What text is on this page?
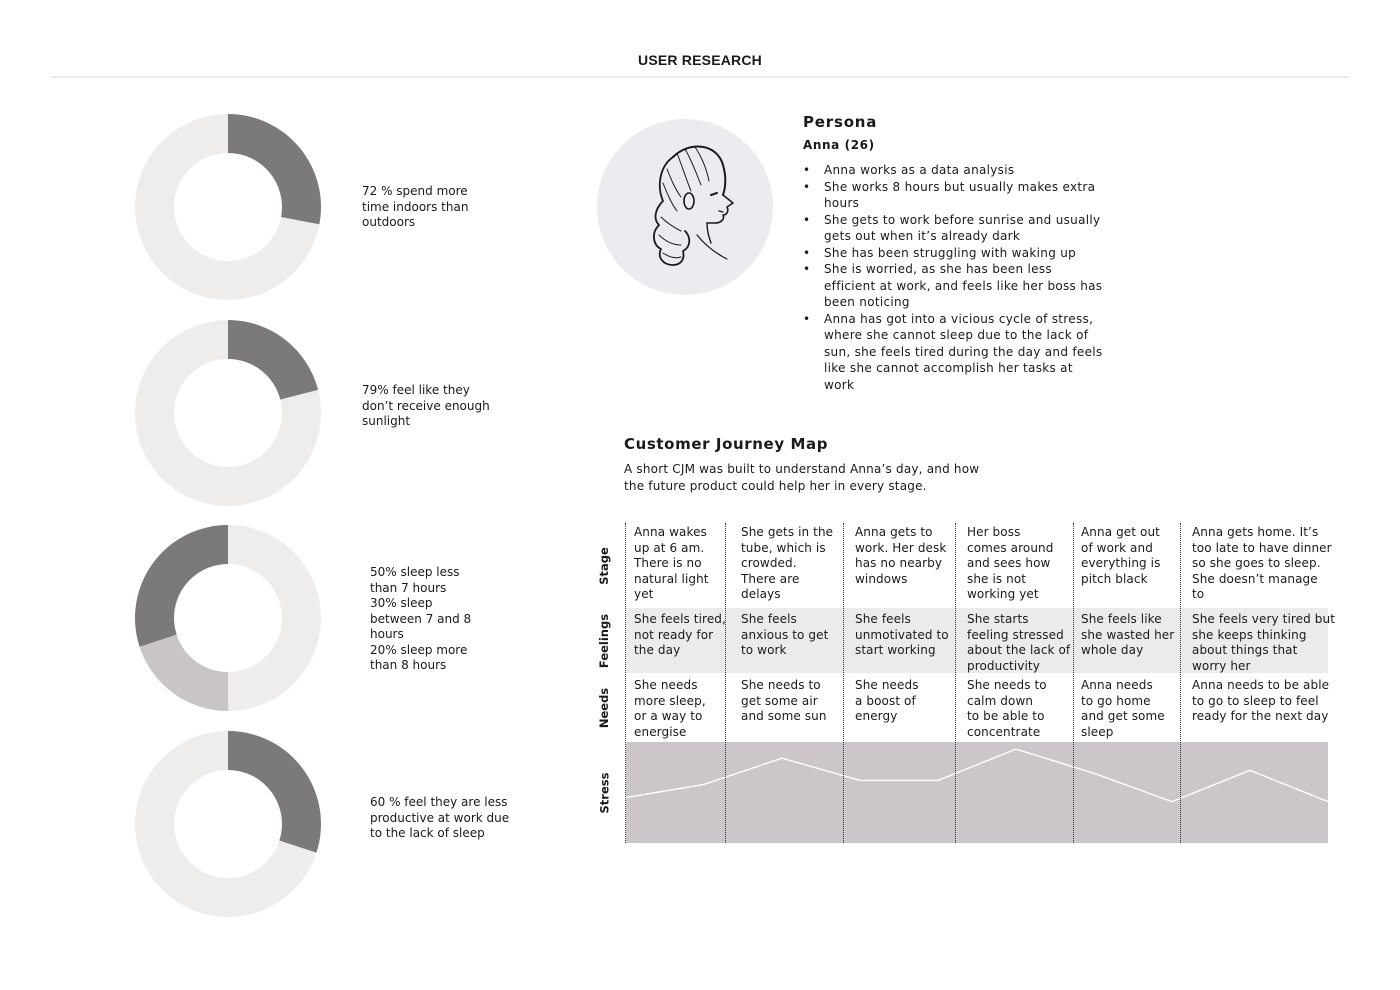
USER RESEARCH
72 % spend more
time indoors than
outdoors
79% feel like they
don’t receive enough
sunlight
50% sleep less
than 7 hours
30% sleep
between 7 and 8
hours
20% sleep more
than 8 hours
60 % feel they are less
productive at work due
to the lack of sleep
Persona
Anna (26)
• Anna works as a data analysis
• She works 8 hours but usually makes extra hours
• She gets to work before sunrise and usually gets out when it’s already dark
• She has been struggling with waking up
• She is worried, as she has been less efficient at work, and feels like her boss has been noticing
• Anna has got into a vicious cycle of stress, where she cannot sleep due to the lack of sun, she feels tired during the day and feels like she cannot accomplish her tasks at work
Customer Journey Map
A short CJM was built to understand Anna’s day, and how the future product could help her in every stage.
Stage
Feelings
Needs
Stress
Anna wakes
up at 6 am.
There is no
natural light
yet
She gets in the
tube, which is
crowded.
There are
delays
Anna gets to
work. Her desk
has no nearby
windows
Her boss
comes around
and sees how
she is not
working yet
Anna get out
of work and
everything is
pitch black
Anna gets home. It’s
too late to have dinner
so she goes to sleep.
She doesn’t manage
to
She feels tired,
not ready for
the day
She feels
anxious to get
to work
She feels
unmotivated to
start working
She starts
feeling stressed
about the lack of
productivity
She feels like
she wasted her
whole day
She feels very tired but
she keeps thinking
about things that
worry her
She needs
more sleep,
or a way to
energise
She needs to
get some air
and some sun
She needs
a boost of
energy
She needs to
calm down
to be able to
concentrate
Anna needs
to go home
and get some
sleep
Anna needs to be able
to go to sleep to feel
ready for the next day
